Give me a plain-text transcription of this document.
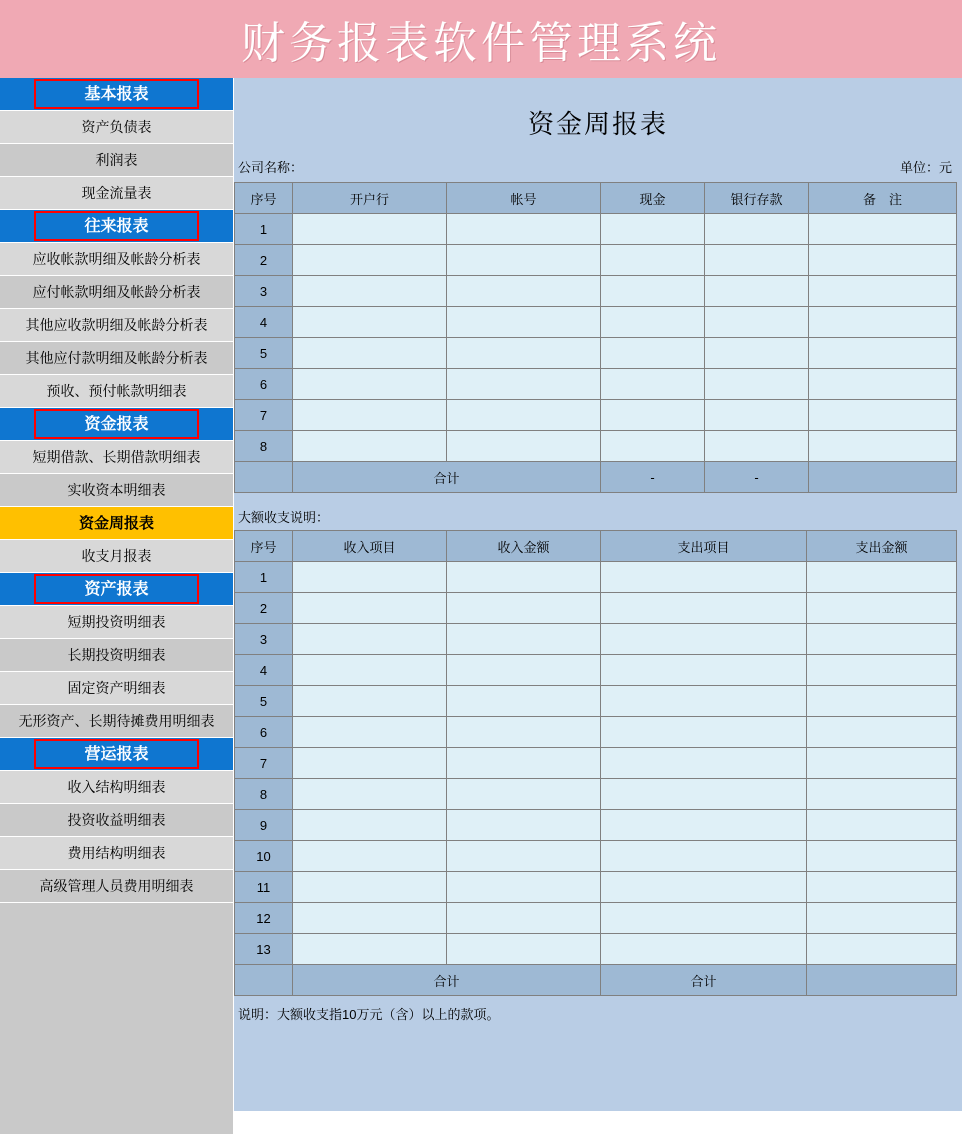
财务报表软件管理系统
基本报表
资产负债表
利润表
现金流量表
往来报表
应收帐款明细及帐龄分析表
应付帐款明细及帐龄分析表
其他应收款明细及帐龄分析表
其他应付款明细及帐龄分析表
预收、预付帐款明细表
资金报表
短期借款、长期借款明细表
实收资本明细表
资金周报表
收支月报表
资产报表
短期投资明细表
长期投资明细表
固定资产明细表
无形资产、长期待摊费用明细表
营运报表
收入结构明细表
投资收益明细表
费用结构明细表
高级管理人员费用明细表
资金周报表
公司名称：	单位：元
序号	开户行	帐号	现金	银行存款	备　注
1					
2					
3					
4					
5					
6					
7					
8					
	合计		-	-	
大额收支说明：
序号	收入项目	收入金额	支出项目	支出金额
1				
2				
3				
4				
5				
6				
7				
8				
9				
10				
11				
12				
13				
	合计		合计	
说明：大额收支指10万元（含）以上的款项。
